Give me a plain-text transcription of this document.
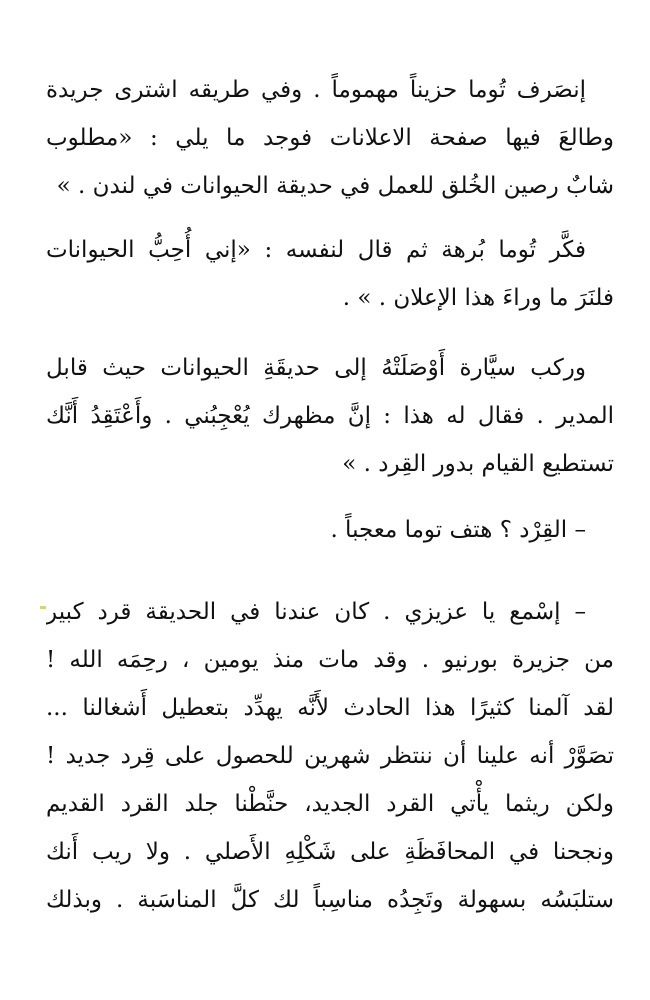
إنصَرف تُوما حزيناً مهموماً . وفي طريقه اشترى جريدة
وطالعَ فيها صفحة الاعلانات فوجد ما يلي : «مطلوب
شابٌ رصين الخُلق للعمل في حديقة الحيوانات في لندن . »

فكَّر تُوما بُرهة ثم قال لنفسه : «إني أُحِبُّ الحيوانات
فلنَرَ ما وراءَ هذا الإعلان . » .

وركب سيَّارة أَوْصَلَتْهُ إلى حديقَةِ الحيوانات حيث قابل
المدير . فقال له هذا : إنَّ مظهرك يُعْجِبُني . وأَعْتَقِدُ أَنَّك
تستطيع القيام بدور القِرد . »

– القِرْد ؟ هتف توما معجباً .

– إسْمع يا عزيزي . كان عندنا في الحديقة قرد كبير
من جزيرة بورنيو . وقد مات منذ يومين ، رحِمَه الله !
لقد آلمنا كثيرًا هذا الحادث لأَنَّه يهدِّد بتعطيل أَشغالنا ...
تصَوَّرْ أنه علينا أن ننتظر شهرين للحصول على قِرد جديد !
ولكن ريثما يأْتي القرد الجديد، حنَّطْنا جلد القرد القديم
ونجحنا في المحافَظَةِ على شَكْلِهِ الأَصلي . ولا ريب أَنك
ستلبَسُه بسهولة وتَجِدُه مناسِباً لك كلَّ المناسَبة . وبذلك
